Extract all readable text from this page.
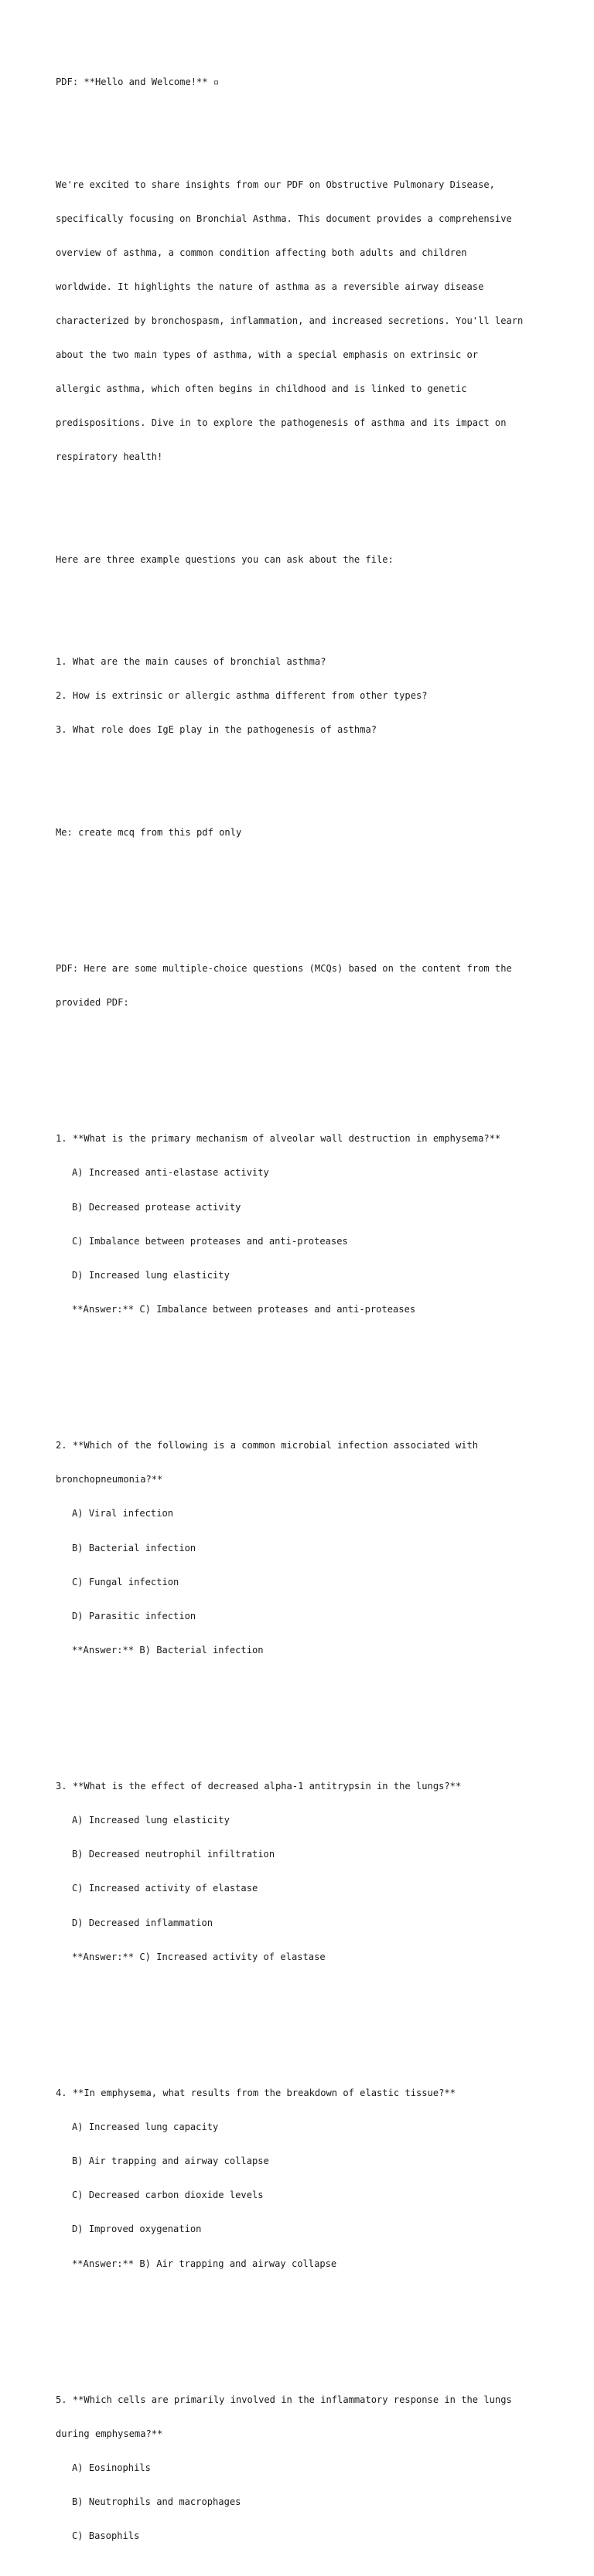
PDF: **Hello and Welcome!** ▫

We're excited to share insights from our PDF on Obstructive Pulmonary Disease,

specifically focusing on Bronchial Asthma. This document provides a comprehensive

overview of asthma, a common condition affecting both adults and children

worldwide. It highlights the nature of asthma as a reversible airway disease

characterized by bronchospasm, inflammation, and increased secretions. You'll learn

about the two main types of asthma, with a special emphasis on extrinsic or

allergic asthma, which often begins in childhood and is linked to genetic

predispositions. Dive in to explore the pathogenesis of asthma and its impact on

respiratory health!

Here are three example questions you can ask about the file:

1. What are the main causes of bronchial asthma?

2. How is extrinsic or allergic asthma different from other types?

3. What role does IgE play in the pathogenesis of asthma?

Me: create mcq from this pdf only

PDF: Here are some multiple-choice questions (MCQs) based on the content from the

provided PDF:

1. **What is the primary mechanism of alveolar wall destruction in emphysema?**

A) Increased anti-elastase activity

B) Decreased protease activity

C) Imbalance between proteases and anti-proteases

D) Increased lung elasticity

**Answer:** C) Imbalance between proteases and anti-proteases

2. **Which of the following is a common microbial infection associated with

bronchopneumonia?**

A) Viral infection

B) Bacterial infection

C) Fungal infection

D) Parasitic infection

**Answer:** B) Bacterial infection

3. **What is the effect of decreased alpha-1 antitrypsin in the lungs?**

A) Increased lung elasticity

B) Decreased neutrophil infiltration

C) Increased activity of elastase

D) Decreased inflammation

**Answer:** C) Increased activity of elastase

4. **In emphysema, what results from the breakdown of elastic tissue?**

A) Increased lung capacity

B) Air trapping and airway collapse

C) Decreased carbon dioxide levels

D) Improved oxygenation

**Answer:** B) Air trapping and airway collapse

5. **Which cells are primarily involved in the inflammatory response in the lungs

during emphysema?**

A) Eosinophils

B) Neutrophils and macrophages

C) Basophils
